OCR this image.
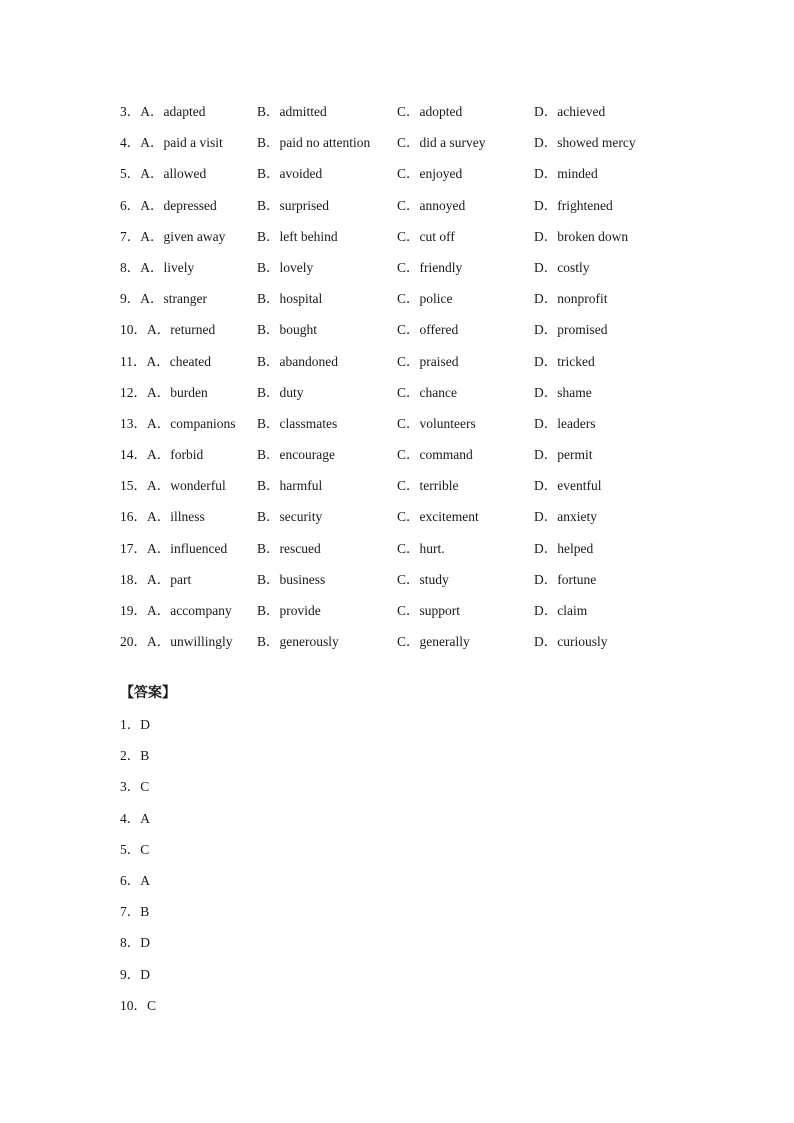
3．A．adapted	B．admitted	C．adopted	D．achieved
4．A．paid a visit	B．paid no attention C．did a survey	D．showed mercy
5．A．allowed	B．avoided	C．enjoyed	D．minded
6．A．depressed	B．surprised	C．annoyed	D．frightened
7．A．given away B．left behind	C．cut off	D．broken down
8．A．lively	B．lovely	C．friendly	D．costly
9．A．stranger	B．hospital	C．police	D．nonprofit
10．A．returned	B．bought	C．offered	D．promised
11．A．cheated	B．abandoned	C．praised	D．tricked
12．A．burden	B．duty	C．chance	D．shame
13．A．companions B．classmates	C．volunteers	D．leaders
14．A．forbid	B．encourage	C．command	D．permit
15．A．wonderful B．harmful	C．terrible	D．eventful
16．A．illness	B．security	C．excitement	D．anxiety
17．A．influenced B．rescued	C．hurt.	D．helped
18．A．part	B．business	C．study	D．fortune
19．A．accompany B．provide	C．support	D．claim
20．A．unwillingly B．generously	C．generally	D．curiously
【答案】
1．D
2．B
3．C
4．A
5．C
6．A
7．B
8．D
9．D
10．C
